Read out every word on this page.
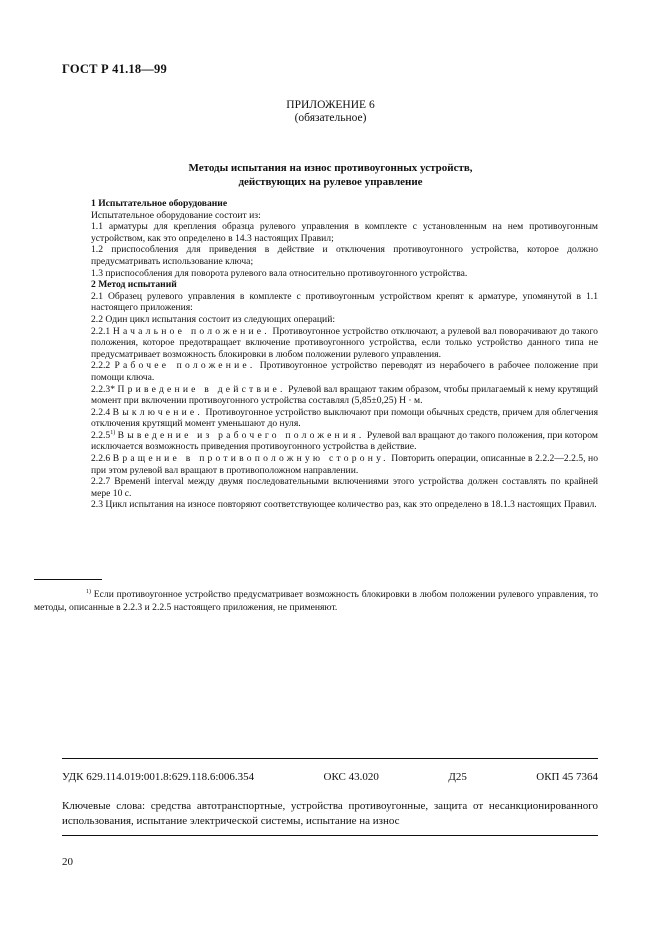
ГОСТ Р 41.18—99
ПРИЛОЖЕНИЕ 6
(обязательное)
Методы испытания на износ противоугонных устройств,
действующих на рулевое управление

1 Испытательное оборудование

Испытательное оборудование состоит из:

1.1 арматуры для крепления образца рулевого управления в комплекте с установленным на нем противоугонным устройством, как это определено в 14.3 настоящих Правил;

1.2 приспособления для приведения в действие и отключения противоугонного устройства, которое должно предусматривать использование ключа;

1.3 приспособления для поворота рулевого вала относительно противоугонного устройства.

2 Метод испытаний

2.1 Образец рулевого управления в комплекте с противоугонным устройством крепят к арматуре, упомянутой в 1.1 настоящего приложения:

2.2 Один цикл испытания состоит из следующих операций:

2.2.1 Начальное положение. Противоугонное устройство отключают, а рулевой вал поворачивают до такого положения, которое предотвращает включение противоугонного устройства, если только устройство данного типа не предусматривает возможность блокировки в любом положении рулевого управления.

2.2.2 Рабочее положение. Противоугонное устройство переводят из нерабочего в рабочее положение при помощи ключа.

2.2.3* Приведение в действие. Рулевой вал вращают таким образом, чтобы прилагаемый к нему крутящий момент при включении противоугонного устройства составлял (5,85±0,25) Н · м.

2.2.4 Выключение. Противоугонное устройство выключают при помощи обычных средств, причем для облегчения отключения крутящий момент уменьшают до нуля.

2.2.5$^{1)}$ Выведение из рабочего положения. Рулевой вал вращают до такого положения, при котором исключается возможность приведения противоугонного устройства в действие.

2.2.6 Вращение в противоположную сторону. Повторить операции, описанные в 2.2.2—2.2.5, но при этом рулевой вал вращают в противоположном направлении.

2.2.7 Временй interval между двумя последовательными включениями этого устройства должен составлять по крайней мере 10 с.

2.3 Цикл испытания на износе повторяют соответствующее количество раз, как это определено в 18.1.3 настоящих Правил.

$^{1)}$ Если противоугонное устройство предусматривает возможность блокировки в любом положении рулевого управления, то методы, описанные в 2.2.3 и 2.2.5 настоящего приложения, не применяют.
УДК 629.114.019:001.8:629.118.6:006.354	ОКС 43.020	Д25	ОКП 45 7364
Ключевые слова: средства автотранспортные, устройства противоугонные, защита от несанкционированного использования, испытание электрической системы, испытание на износ
20
